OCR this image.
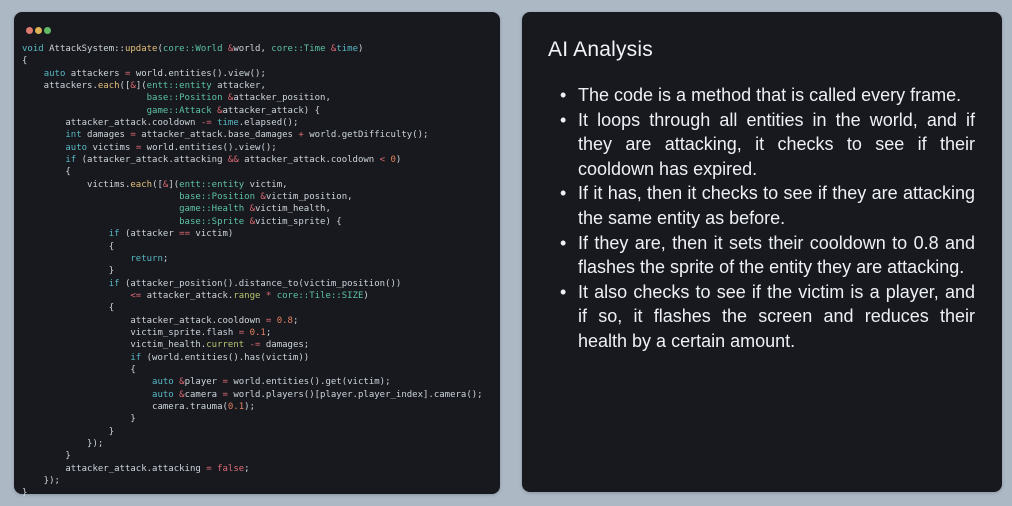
void AttackSystem::update(core::World &world, core::Time &time)
{
auto attackers = world.entities().view();
attackers.each([&](entt::entity attacker,
base::Position &attacker_position,
game::Attack &attacker_attack) {
attacker_attack.cooldown -= time.elapsed();
int damages = attacker_attack.base_damages + world.getDifficulty();
auto victims = world.entities().view();
if (attacker_attack.attacking && attacker_attack.cooldown < 0)
{
victims.each([&](entt::entity victim,
base::Position &victim_position,
game::Health &victim_health,
base::Sprite &victim_sprite) {
if (attacker == victim)
{
return;
}
if (attacker_position().distance_to(victim_position())
<= attacker_attack.range * core::Tile::SIZE)
{
attacker_attack.cooldown = 0.8;
victim_sprite.flash = 0.1;
victim_health.current -= damages;
if (world.entities().has(victim))
{
auto &player = world.entities().get(victim);
auto &camera = world.players()[player.player_index].camera();
camera.trauma(0.1);
}
}
});
}
attacker_attack.attacking = false;
});
}
AI Analysis
• The code is a method that is called every frame.
• It loops through all entities in the world, and if they are attacking, it checks to see if their cooldown has expired.
• If it has, then it checks to see if they are attacking the same entity as before.
• If they are, then it sets their cooldown to 0.8 and flashes the sprite of the entity they are attacking.
• It also checks to see if the victim is a player, and if so, it flashes the screen and reduces their health by a certain amount.
